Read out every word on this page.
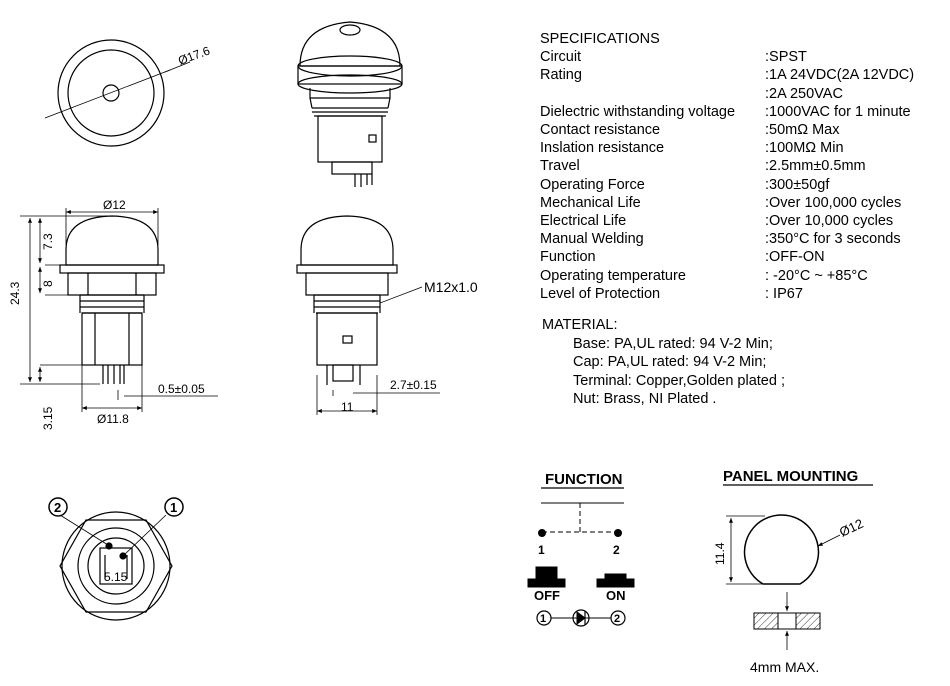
Ø17.6
Ø12
24.3
7.3
8
3.15	Ø11.8
0.5±0.05
M12x1.0
2.7±0.15
11
2	1
5.15
FUNCTION
1	2
OFF	ON
1	2
PANEL MOUNTING
Ø12
11.4
4mm MAX.
SPECIFICATIONS
Circuit	:SPST
Rating	:1A 24VDC(2A 12VDC)
:2A 250VAC
Dielectric withstanding voltage	:1000VAC for 1 minute
Contact resistance	:50mΩ Max
Inslation resistance	:100MΩ Min
Travel	:2.5mm±0.5mm
Operating Force	:300±50gf
Mechanical Life	:Over 100,000 cycles
Electrical Life	:Over 10,000 cycles
Manual Welding	:350°C for 3 seconds
Function	:OFF-ON
Operating temperature	: -20°C ~ +85°C
Level of Protection	: IP67
MATERIAL:
Base: PA,UL rated: 94 V-2 Min;
Cap: PA,UL rated: 94 V-2 Min;
Terminal: Copper,Golden plated ;
Nut: Brass, NI Plated .
